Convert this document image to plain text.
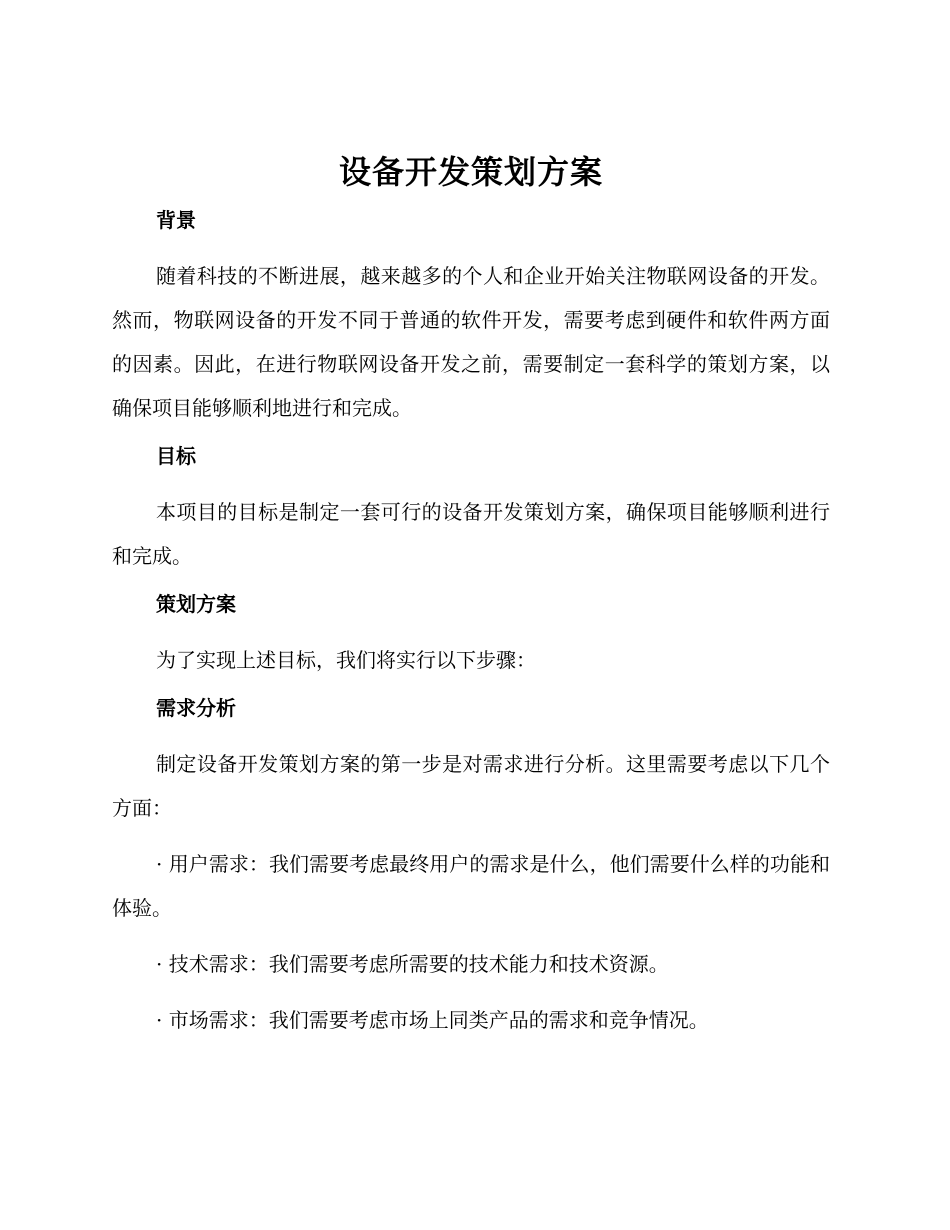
设备开发策划方案
背景

随着科技的不断进展，越来越多的个人和企业开始关注物联网设备的开发。然而，物联网设备的开发不同于普通的软件开发，需要考虑到硬件和软件两方面的因素。因此，在进行物联网设备开发之前，需要制定一套科学的策划方案，以确保项目能够顺利地进行和完成。

目标

本项目的目标是制定一套可行的设备开发策划方案，确保项目能够顺利进行和完成。

策划方案

为了实现上述目标，我们将实行以下步骤：

需求分析

制定设备开发策划方案的第一步是对需求进行分析。这里需要考虑以下几个方面：

· 用户需求：我们需要考虑最终用户的需求是什么，他们需要什么样的功能和体验。

· 技术需求：我们需要考虑所需要的技术能力和技术资源。

· 市场需求：我们需要考虑市场上同类产品的需求和竞争情况。
